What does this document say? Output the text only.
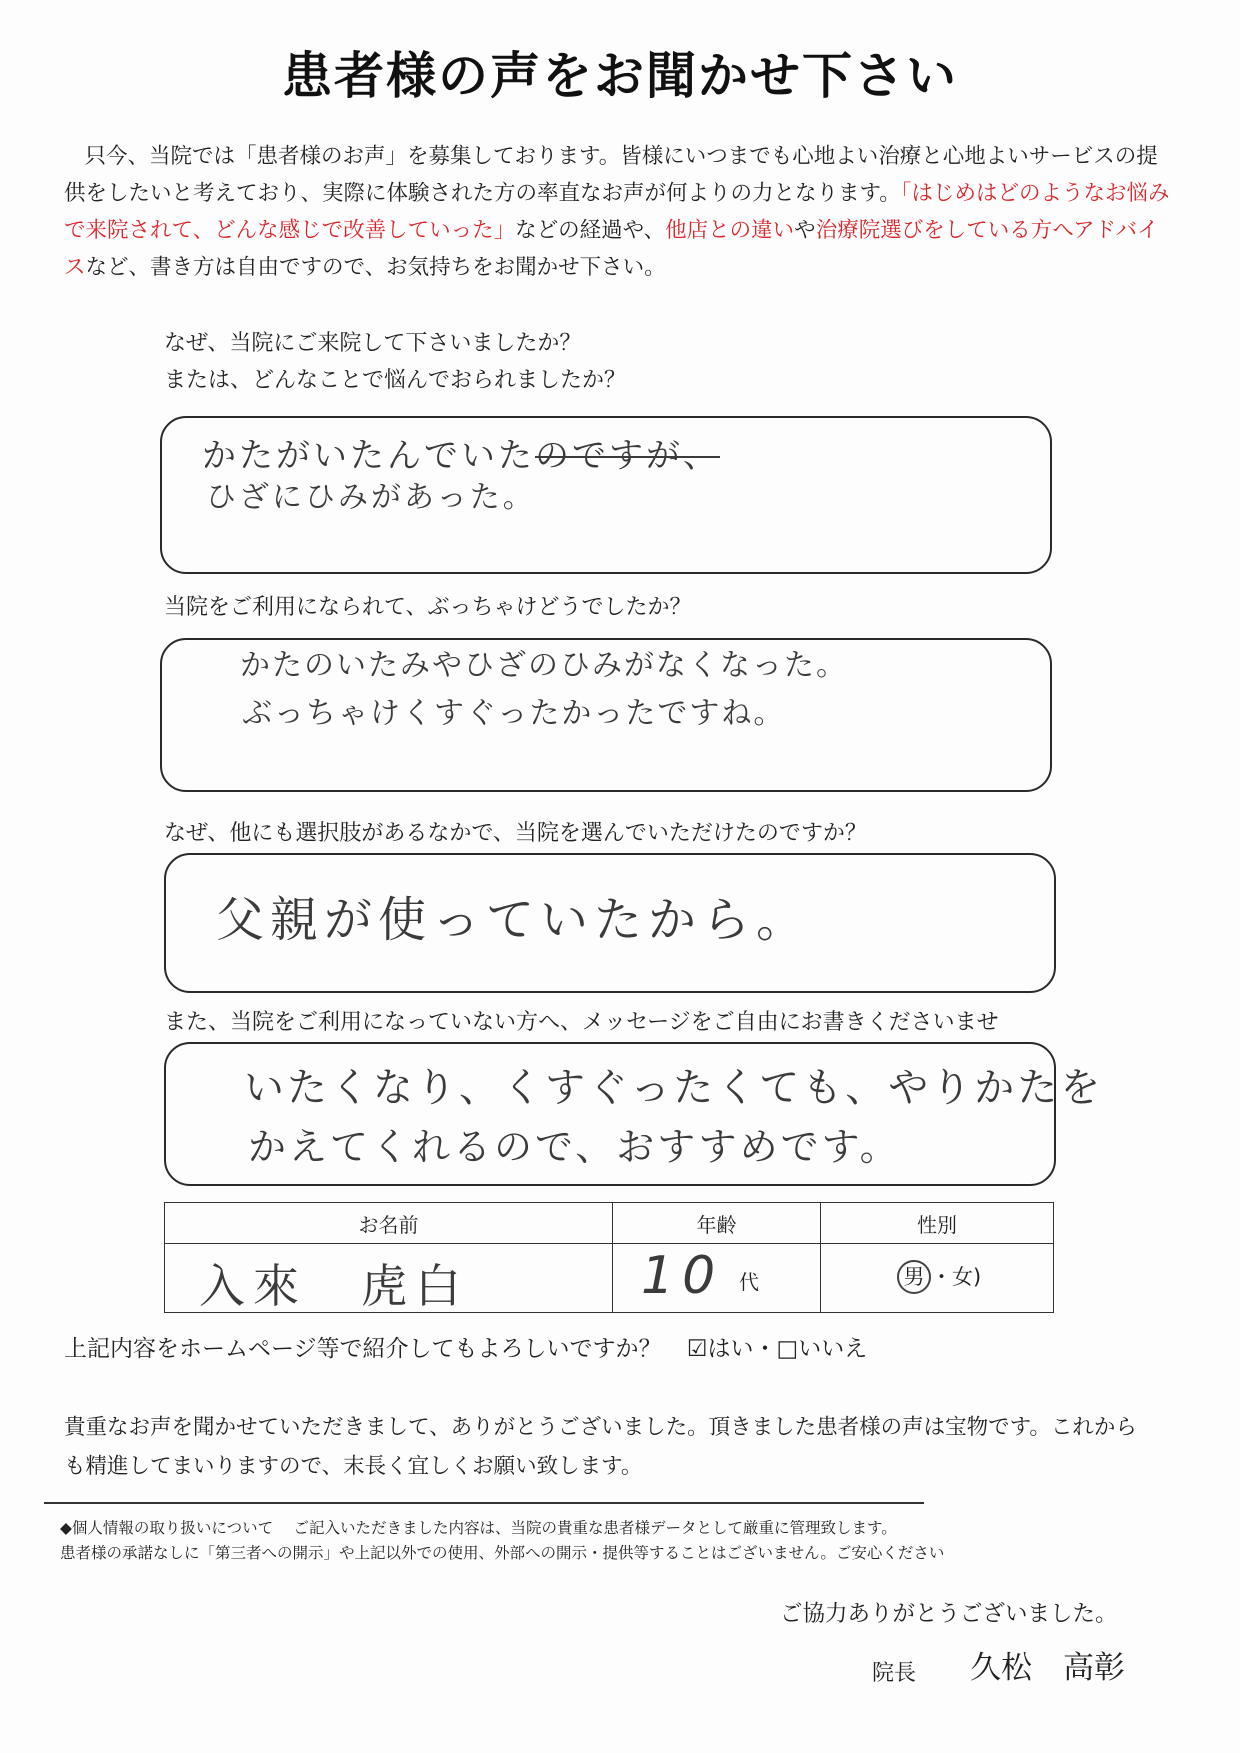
患者様の声をお聞かせ下さい
只今、当院では「患者様のお声」を募集しております。皆様にいつまでも心地よい治療と心地よいサービスの提供をしたいと考えており、実際に体験された方の率直なお声が何よりの力となります。「はじめはどのようなお悩みで来院されて、どんな感じで改善していった」などの経過や、他店との違いや治療院選びをしている方へアドバイスなど、書き方は自由ですので、お気持ちをお聞かせ下さい。
なぜ、当院にご来院して下さいましたか？
または、どんなことで悩んでおられましたか？
かたがいたんでいたのですが、
ひざにひみがあった。
当院をご利用になられて、ぶっちゃけどうでしたか？
かたのいたみやひざのひみがなくなった。
ぶっちゃけくすぐったかったですね。
なぜ、他にも選択肢があるなかで、当院を選んでいただけたのですか？
父親が使っていたから。
また、当院をご利用になっていない方へ、メッセージをご自由にお書きくださいませ
いたくなり、くすぐったくても、やりかたを
かえてくれるので、おすすめです。
お名前	年齢	性別

入來　虎白	10 代	男 ・女)
上記内容をホームページ等で紹介してもよろしいですか？ ☑はい・□いいえ
貴重なお声を聞かせていただきまして、ありがとうございました。頂きました患者様の声は宝物です。これから
も精進してまいりますので、末長く宜しくお願い致します。
◆個人情報の取り扱いについて　 ご記入いただきました内容は、当院の貴重な患者様データとして厳重に管理致します。
患者様の承諾なしに「第三者への開示」や上記以外での使用、外部への開示・提供等することはございません。ご安心ください
ご協力ありがとうございました。
院長 久松　高彰
